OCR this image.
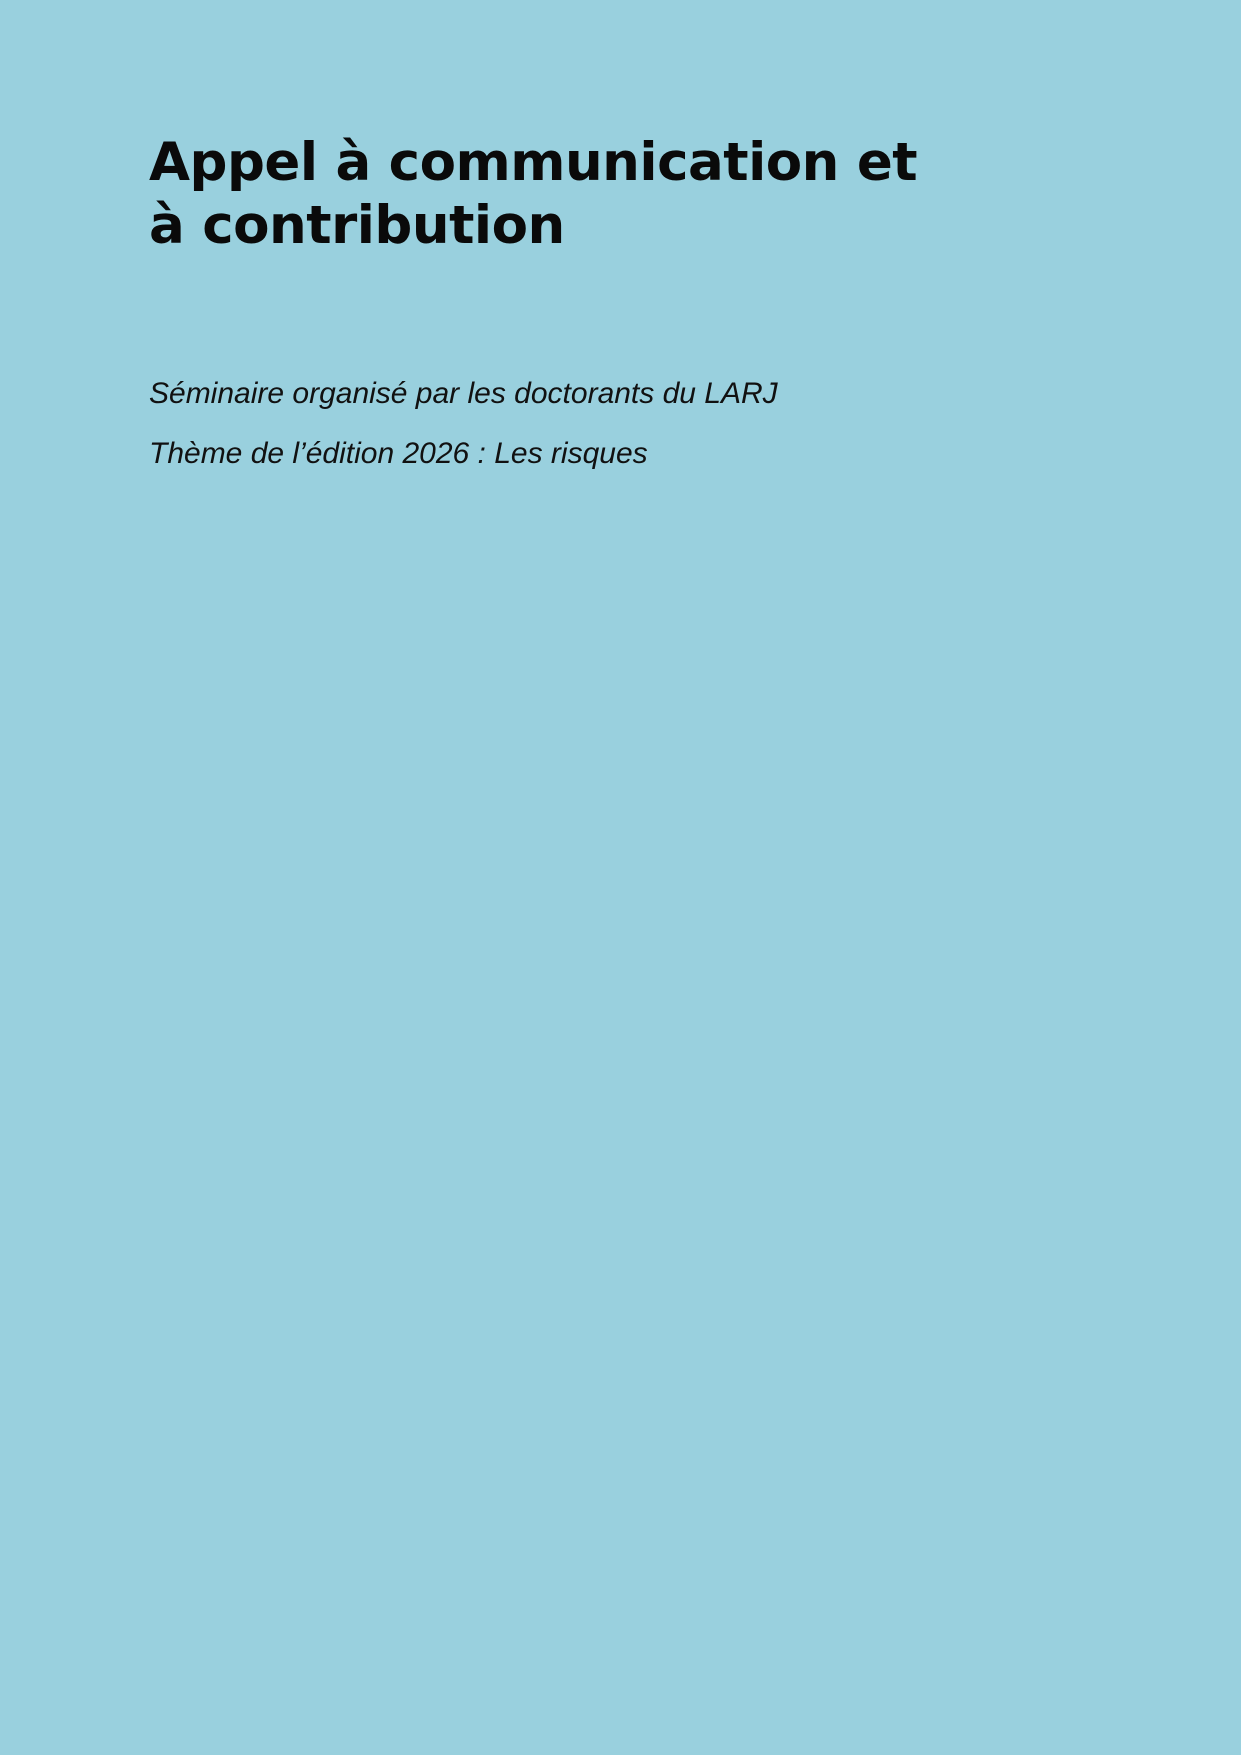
Appel à communication et à contribution

Séminaire organisé par les doctorants du LARJ

Thème de l’édition 2026 : Les risques
